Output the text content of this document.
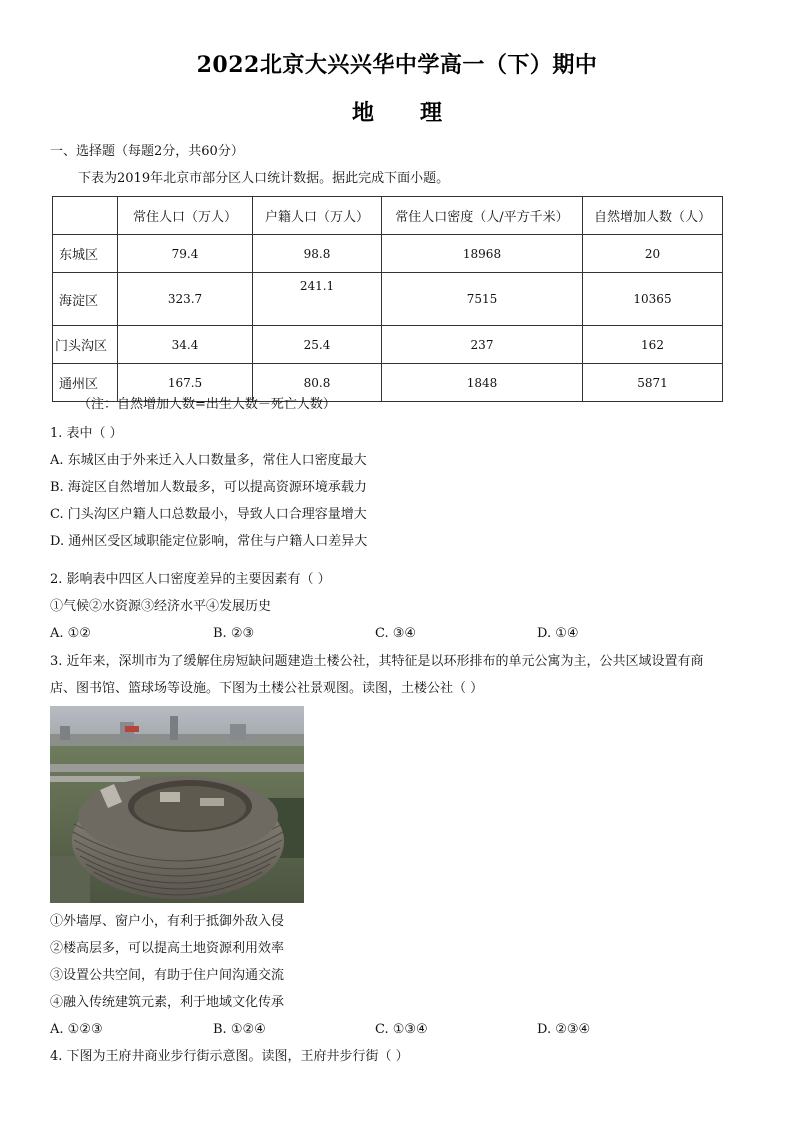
2022北京大兴兴华中学高一（下）期中
地 理
一、选择题（每题2分，共60分）
下表为2019年北京市部分区人口统计数据。据此完成下面小题。
	常住人口（万人）	户籍人口（万人）	常住人口密度（人/平方千米）	自然增加人数（人）
东城区	79.4	98.8	18968	20
海淀区	323.7	241.1	7515	10365
门头沟区	34.4	25.4	237	162
通州区	167.5	80.8	1848	5871
（注：自然增加人数=出生人数－死亡人数）
1. 表中（ ）
A. 东城区由于外来迁入人口数量多，常住人口密度最大
B. 海淀区自然增加人数最多，可以提高资源环境承载力
C. 门头沟区户籍人口总数最小，导致人口合理容量增大
D. 通州区受区域职能定位影响，常住与户籍人口差异大
2. 影响表中四区人口密度差异的主要因素有（ ）
①气候②水资源③经济水平④发展历史
A. ①②	B. ②③	C. ③④	D. ①④
3. 近年来，深圳市为了缓解住房短缺问题建造土楼公社，其特征是以环形排布的单元公寓为主，公共区域设置有商
店、图书馆、篮球场等设施。下图为土楼公社景观图。读图，土楼公社（ ）
①外墙厚、窗户小，有利于抵御外敌入侵
②楼高层多，可以提高土地资源利用效率
③设置公共空间，有助于住户间沟通交流
④融入传统建筑元素，利于地域文化传承
A. ①②③	B. ①②④	C. ①③④	D. ②③④
4. 下图为王府井商业步行街示意图。读图，王府井步行街（ ）
